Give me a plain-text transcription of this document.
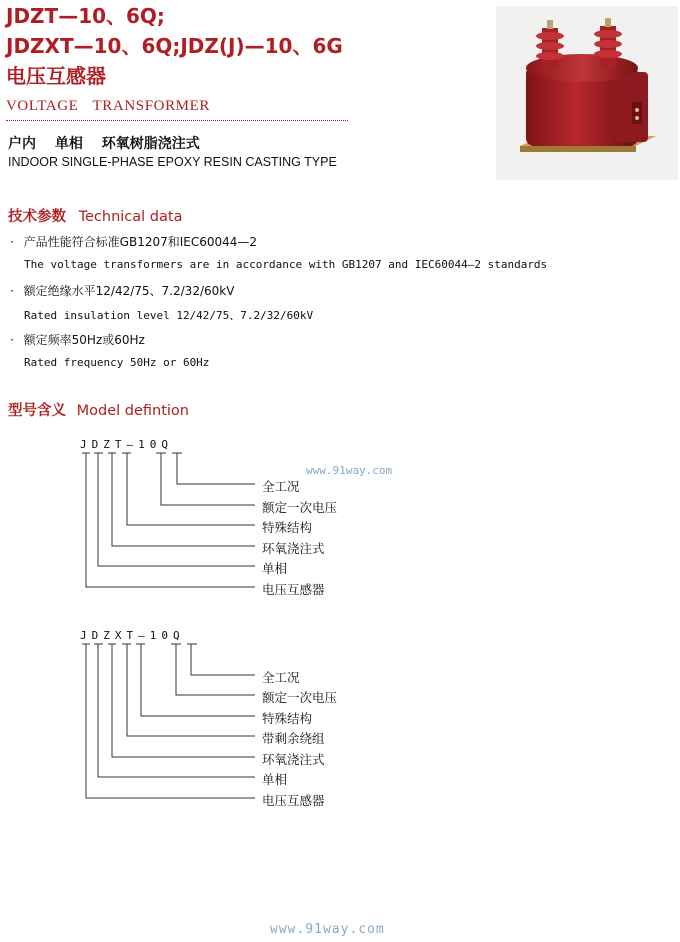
JDZT—10、6Q;
JDZXT—10、6Q;JDZ(J)—10、6G
电压互感器
VOLTAGE TRANSFORMER
户内 单相 环氧树脂浇注式
INDOOR SINGLE-PHASE EPOXY RESIN CASTING TYPE
技术参数 Technical data
· 产品性能符合标准GB1207和IEC60044—2
The voltage transformers are in accordance with GB1207 and IEC60044—2 standards
· 额定绝缘水平12/42/75、7.2/32/60kV
Rated insulation level 12/42/75、7.2/32/60kV
· 额定频率50Hz或60Hz
Rated frequency 50Hz or 60Hz
型号含义 Model defintion
www.91way.com
JDZT—10Q
全工况
额定一次电压
特殊结构
环氧浇注式
单相
电压互感器
JDZXT—10Q
全工况
额定一次电压
特殊结构
带剩余绕组
环氧浇注式
单相
电压互感器
www.91way.com
